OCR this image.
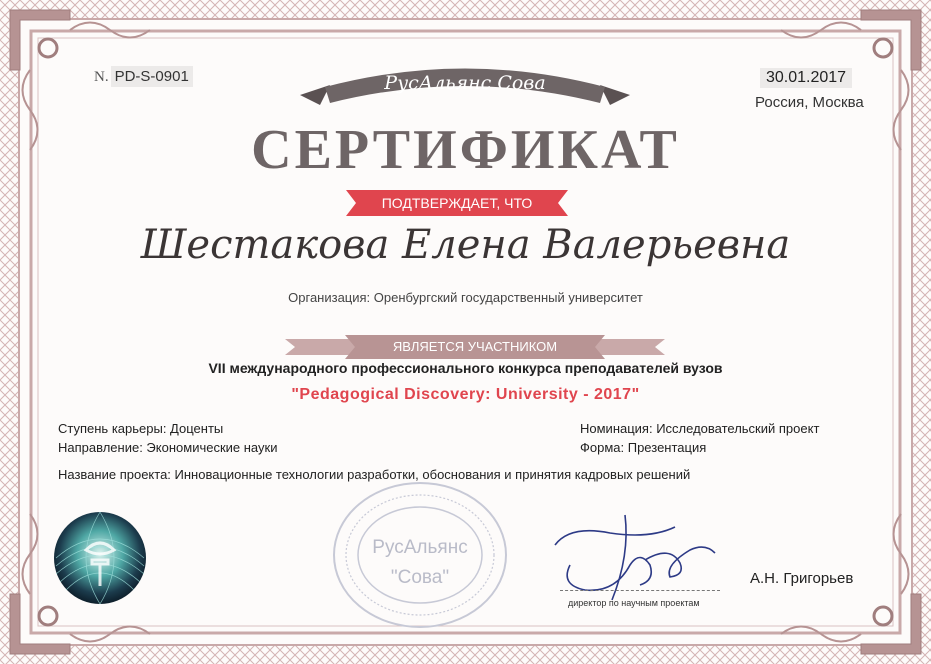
N. PD-S-0901	30.01.2017
Россия, Москва
РусАльянс Сова
СЕРТИФИКАТ
ПОДТВЕРЖДАЕТ, ЧТО
Шестакова Елена Валерьевна
Организация: Оренбургский государственный университет
ЯВЛЯЕТСЯ УЧАСТНИКОМ
VII международного профессионального конкурса преподавателей вузов
"Pedagogical Discovery: University - 2017"
Ступень карьеры: Доценты
Направление: Экономические науки
Номинация: Исследовательский проект
Форма: Презентация
Название проекта: Инновационные технологии разработки, обоснования и принятия кадровых решений
РусАльянс
"Сова"
директор по научным проектам
А.Н. Григорьев
